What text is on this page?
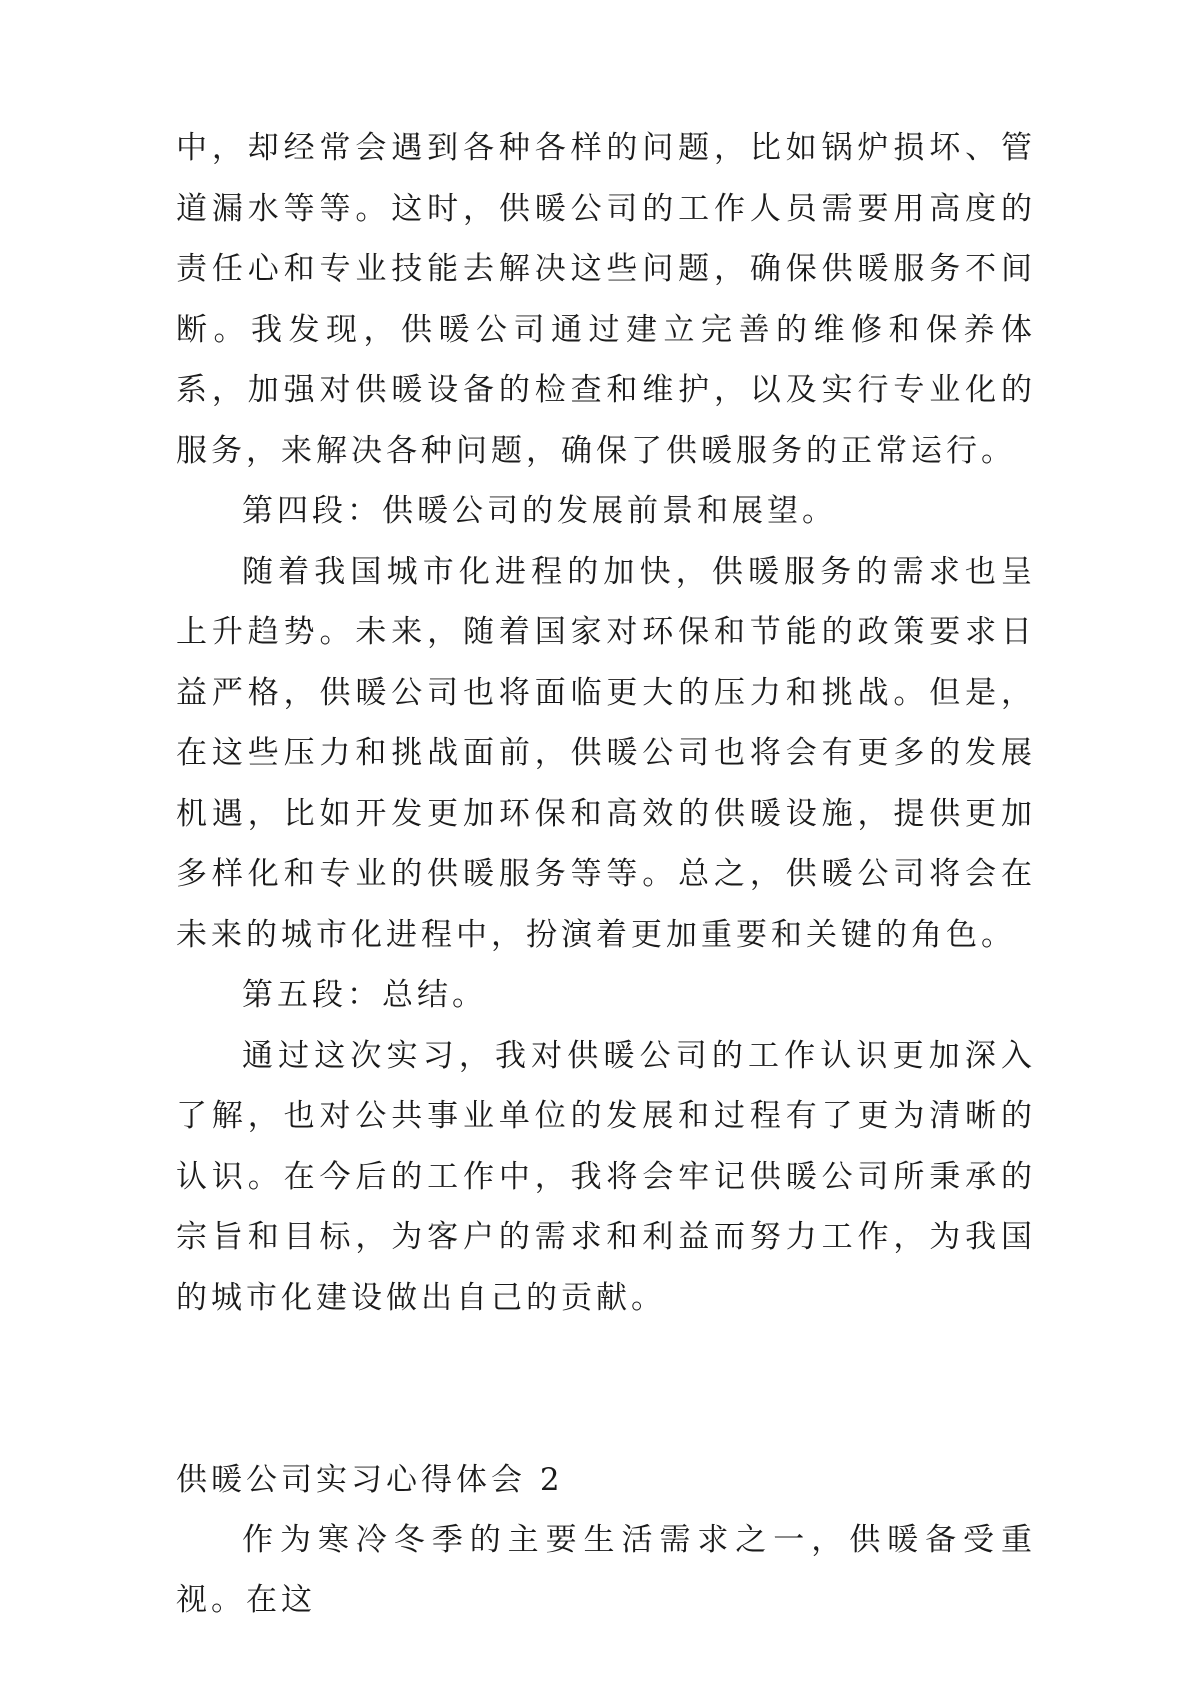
中，却经常会遇到各种各样的问题，比如锅炉损坏、管道漏水等等。这时，供暖公司的工作人员需要用高度的责任心和专业技能去解决这些问题，确保供暖服务不间断。我发现，供暖公司通过建立完善的维修和保养体系，加强对供暖设备的检查和维护，以及实行专业化的服务，来解决各种问题，确保了供暖服务的正常运行。

第四段：供暖公司的发展前景和展望。

随着我国城市化进程的加快，供暖服务的需求也呈上升趋势。未来，随着国家对环保和节能的政策要求日益严格，供暖公司也将面临更大的压力和挑战。但是，在这些压力和挑战面前，供暖公司也将会有更多的发展机遇，比如开发更加环保和高效的供暖设施，提供更加多样化和专业的供暖服务等等。总之，供暖公司将会在未来的城市化进程中，扮演着更加重要和关键的角色。

第五段：总结。

通过这次实习，我对供暖公司的工作认识更加深入了解，也对公共事业单位的发展和过程有了更为清晰的认识。在今后的工作中，我将会牢记供暖公司所秉承的宗旨和目标，为客户的需求和利益而努力工作，为我国的城市化建设做出自己的贡献。

供暖公司实习心得体会 2

作为寒冷冬季的主要生活需求之一，供暖备受重视。在这
